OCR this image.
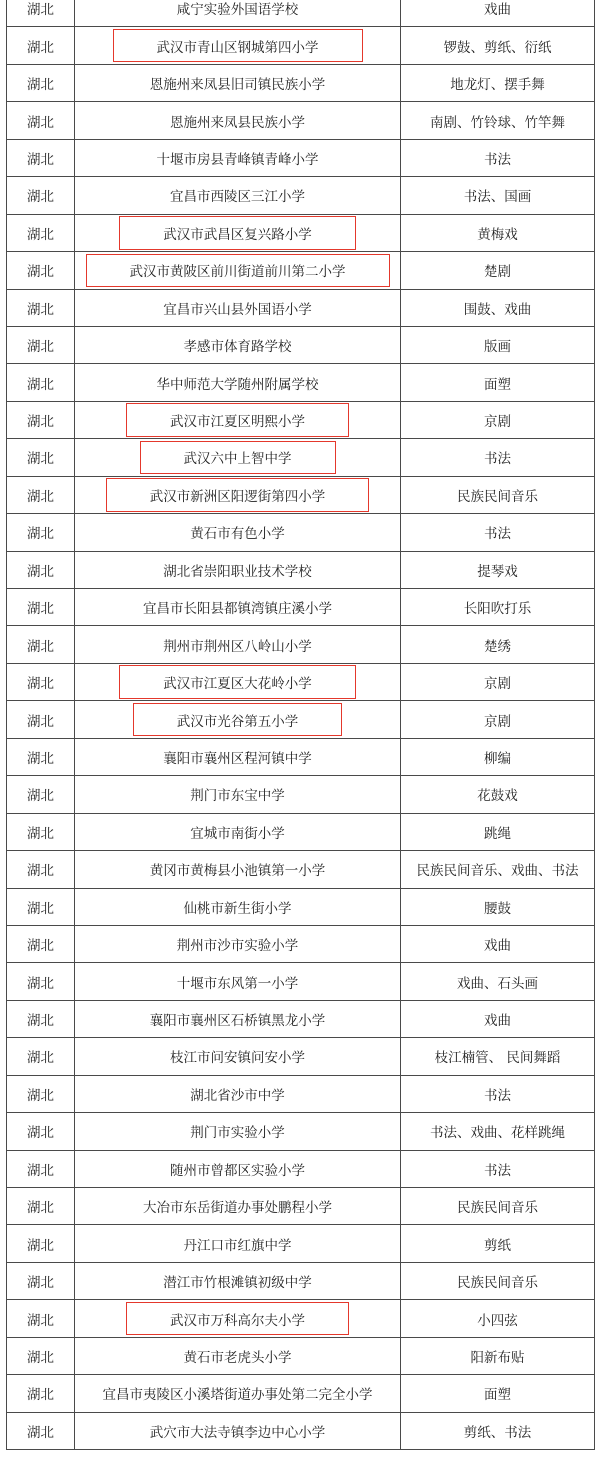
湖北	咸宁实验外国语学校	戏曲
湖北	武汉市青山区钢城第四小学	锣鼓、剪纸、衍纸
湖北	恩施州来凤县旧司镇民族小学	地龙灯、摆手舞
湖北	恩施州来凤县民族小学	南剧、竹铃球、竹竿舞
湖北	十堰市房县青峰镇青峰小学	书法
湖北	宜昌市西陵区三江小学	书法、国画
湖北	武汉市武昌区复兴路小学	黄梅戏
湖北	武汉市黄陂区前川街道前川第二小学	楚剧
湖北	宜昌市兴山县外国语小学	围鼓、戏曲
湖北	孝感市体育路学校	版画
湖北	华中师范大学随州附属学校	面塑
湖北	武汉市江夏区明熙小学	京剧
湖北	武汉六中上智中学	书法
湖北	武汉市新洲区阳逻街第四小学	民族民间音乐
湖北	黄石市有色小学	书法
湖北	湖北省崇阳职业技术学校	提琴戏
湖北	宜昌市长阳县都镇湾镇庄溪小学	长阳吹打乐
湖北	荆州市荆州区八岭山小学	楚绣
湖北	武汉市江夏区大花岭小学	京剧
湖北	武汉市光谷第五小学	京剧
湖北	襄阳市襄州区程河镇中学	柳编
湖北	荆门市东宝中学	花鼓戏
湖北	宜城市南街小学	跳绳
湖北	黄冈市黄梅县小池镇第一小学	民族民间音乐、戏曲、书法
湖北	仙桃市新生街小学	腰鼓
湖北	荆州市沙市实验小学	戏曲
湖北	十堰市东风第一小学	戏曲、石头画
湖北	襄阳市襄州区石桥镇黑龙小学	戏曲
湖北	枝江市问安镇问安小学	枝江楠管、 民间舞蹈
湖北	湖北省沙市中学	书法
湖北	荆门市实验小学	书法、戏曲、花样跳绳
湖北	随州市曾都区实验小学	书法
湖北	大冶市东岳街道办事处鹏程小学	民族民间音乐
湖北	丹江口市红旗中学	剪纸
湖北	潜江市竹根滩镇初级中学	民族民间音乐
湖北	武汉市万科高尔夫小学	小四弦
湖北	黄石市老虎头小学	阳新布贴
湖北	宜昌市夷陵区小溪塔街道办事处第二完全小学	面塑
湖北	武穴市大法寺镇李边中心小学	剪纸、书法
